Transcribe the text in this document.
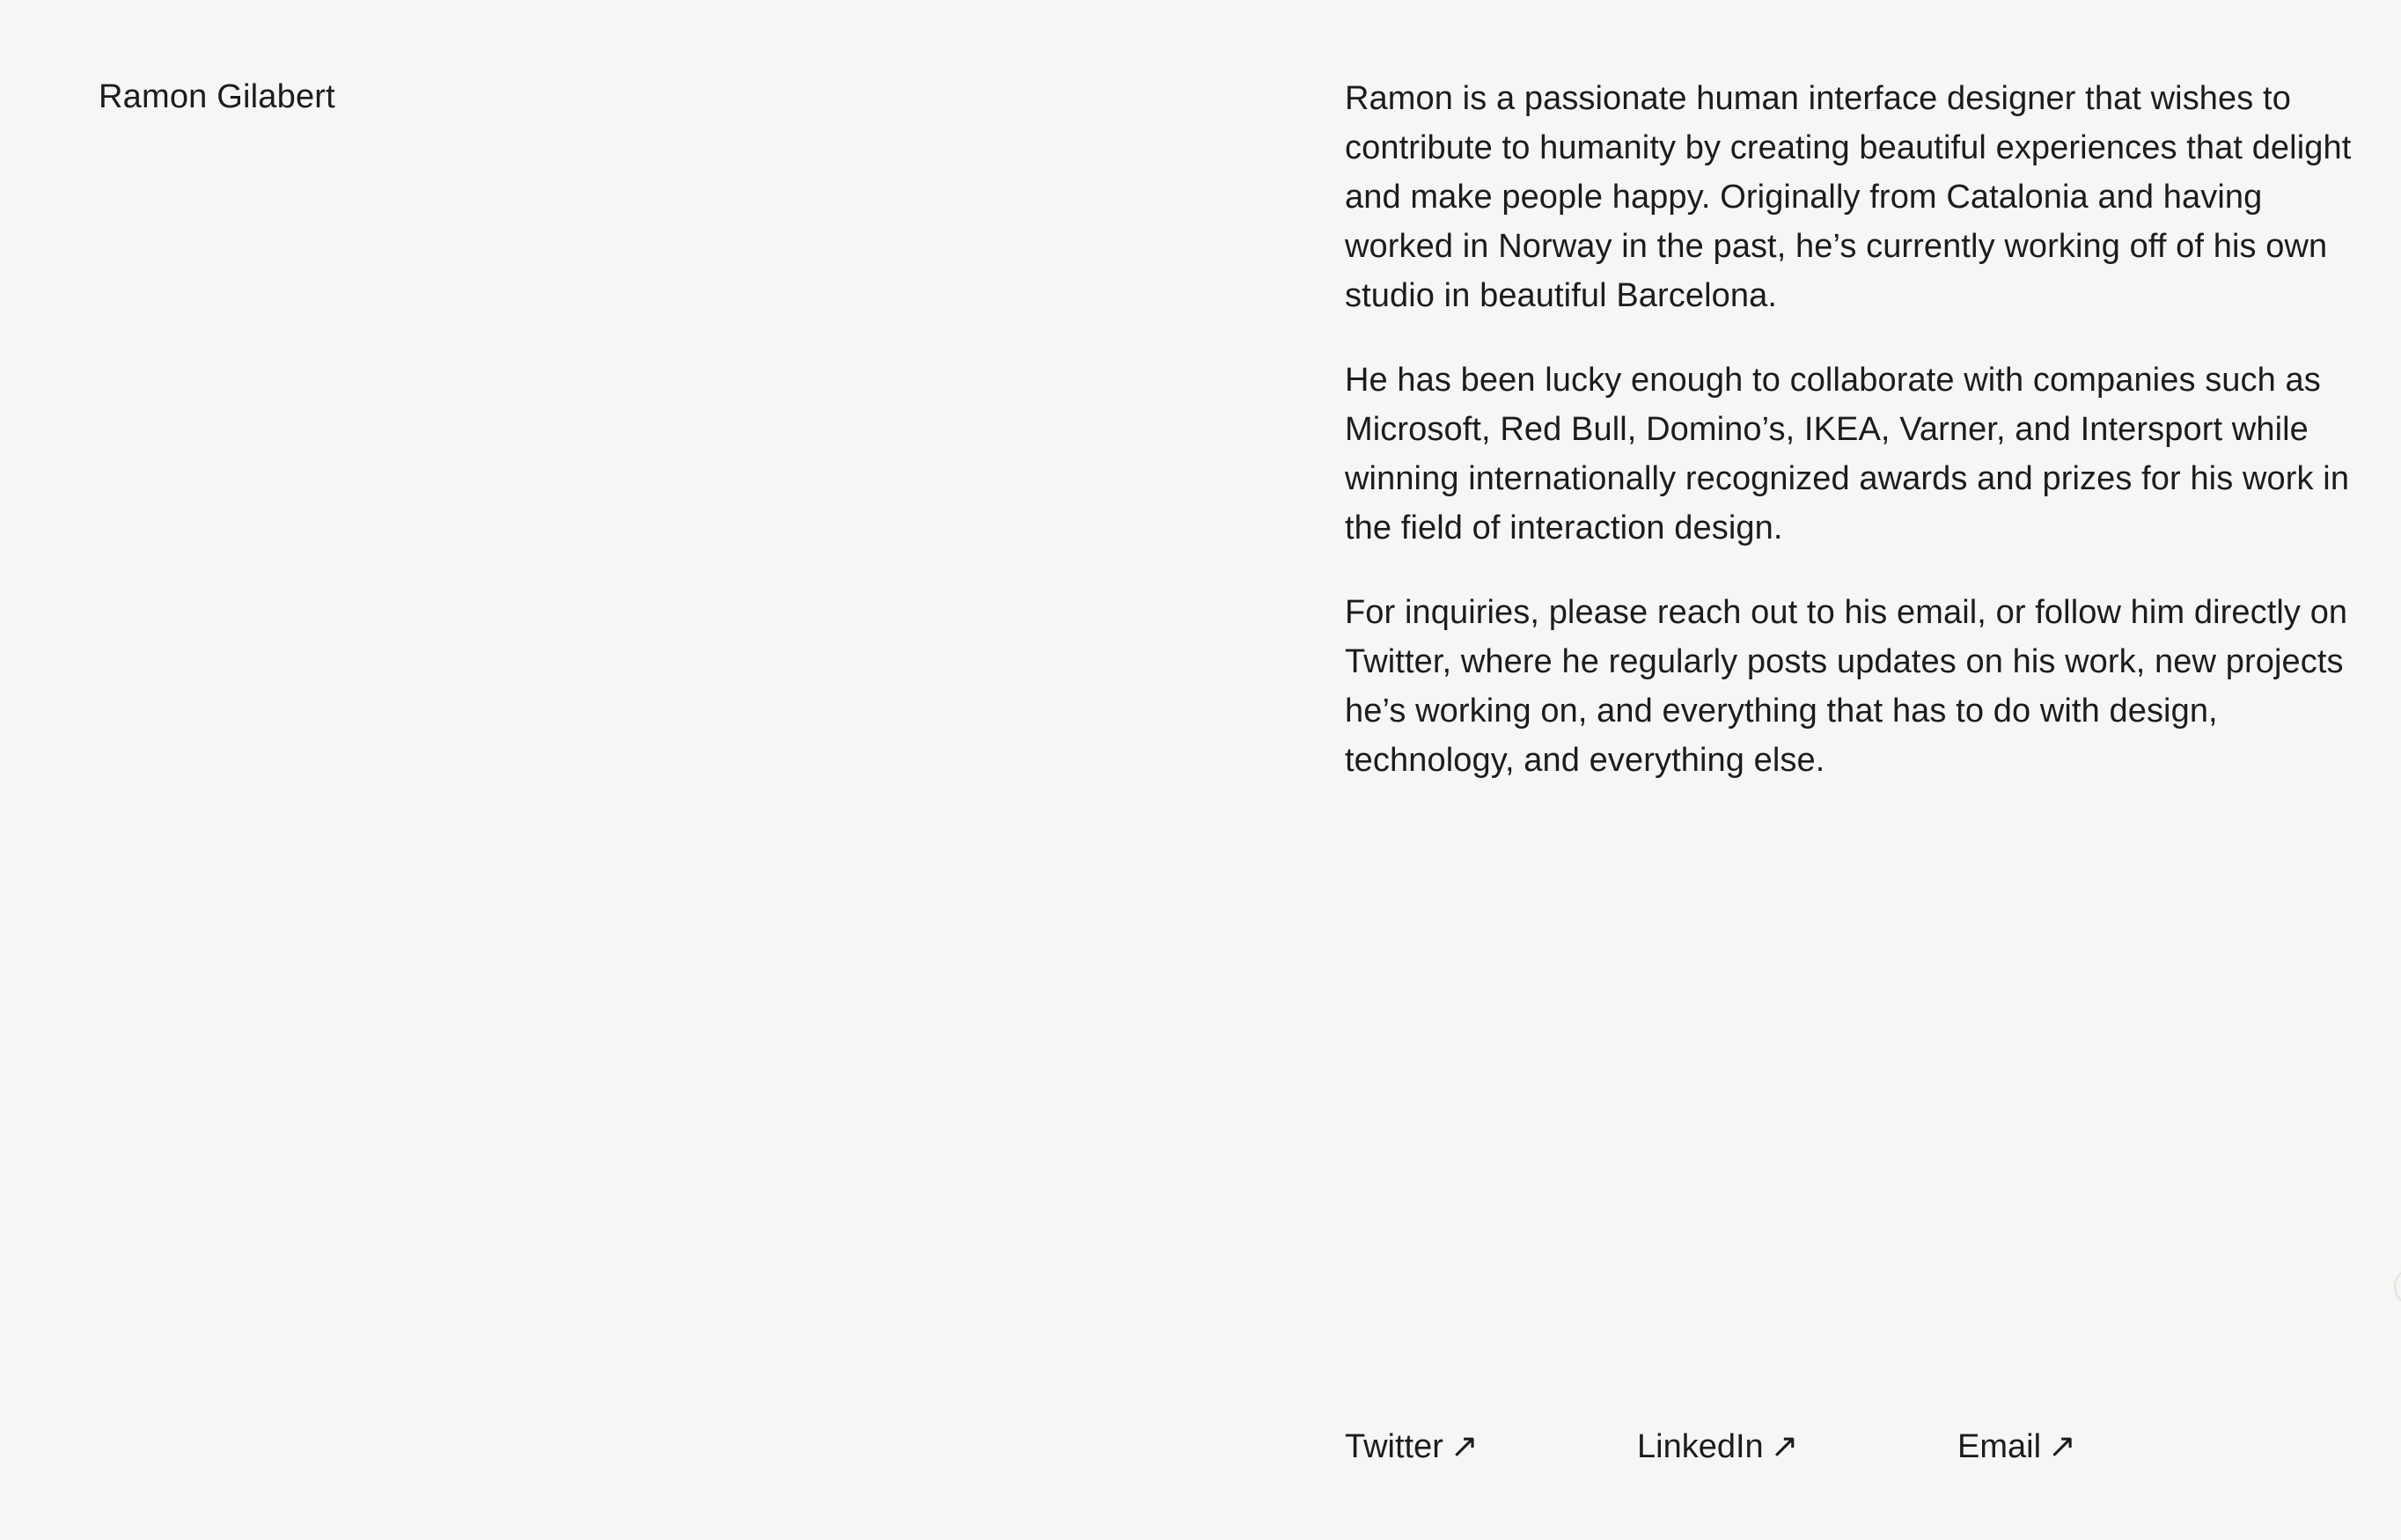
Ramon Gilabert	Ramon is a passionate human interface designer that wishes to contribute to humanity by creating beautiful experiences that delight and make people happy. Originally from Catalonia and having worked in Norway in the past, he’s currently working off of his own studio in beautiful Barcelona.

He has been lucky enough to collaborate with companies such as Microsoft, Red Bull, Domino’s, IKEA, Varner, and Intersport while winning internationally recognized awards and prizes for his work in the field of interaction design.

For inquiries, please reach out to his email, or follow him directly on Twitter, where he regularly posts updates on his work, new projects he’s working on, and everything that has to do with design, technology, and everything else.

Twitter ↗	LinkedIn ↗	Email ↗
